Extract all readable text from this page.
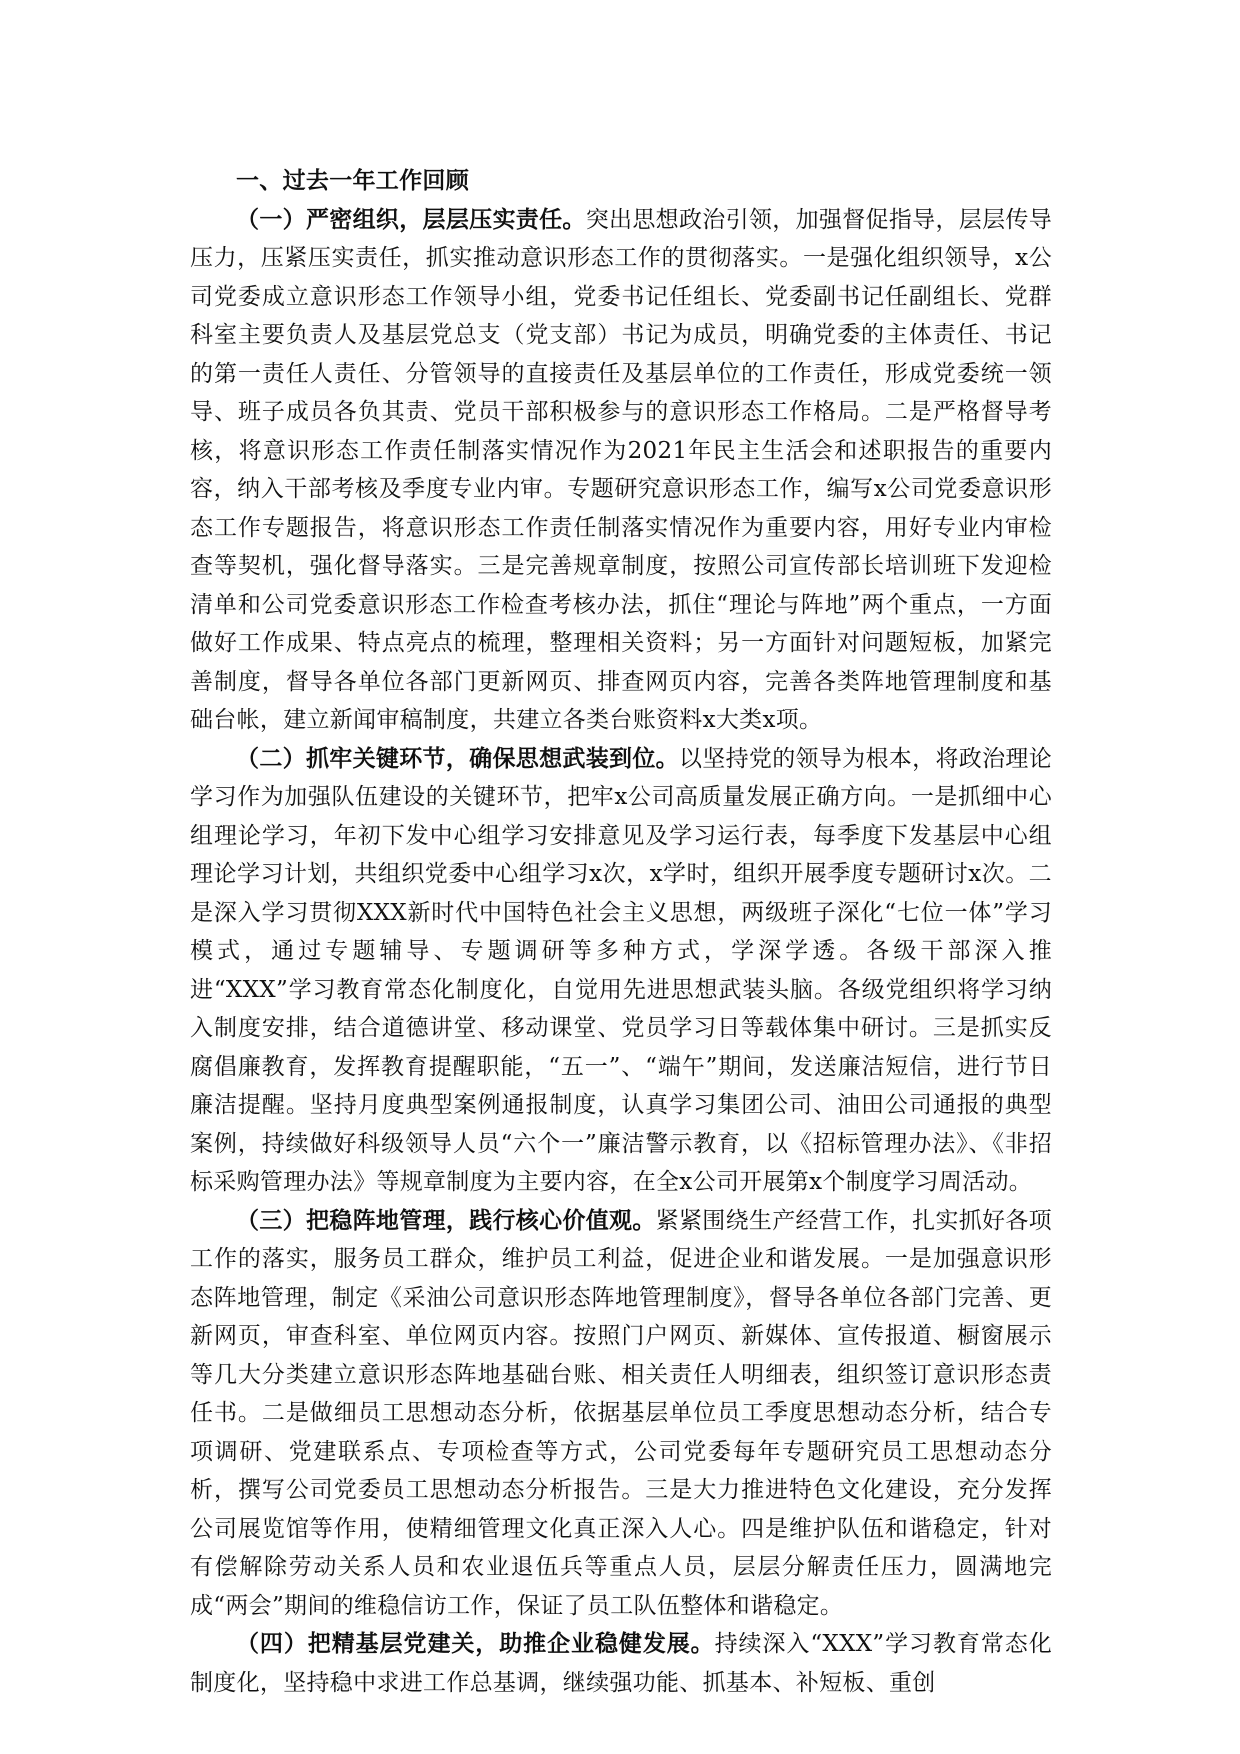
一、过去一年工作回顾

（一）严密组织，层层压实责任。突出思想政治引领，加强督促指导，层层传导压力，压紧压实责任，抓实推动意识形态工作的贯彻落实。一是强化组织领导，x公司党委成立意识形态工作领导小组，党委书记任组长、党委副书记任副组长、党群科室主要负责人及基层党总支（党支部）书记为成员，明确党委的主体责任、书记的第一责任人责任、分管领导的直接责任及基层单位的工作责任，形成党委统一领导、班子成员各负其责、党员干部积极参与的意识形态工作格局。二是严格督导考核，将意识形态工作责任制落实情况作为2021年民主生活会和述职报告的重要内容，纳入干部考核及季度专业内审。专题研究意识形态工作，编写x公司党委意识形态工作专题报告，将意识形态工作责任制落实情况作为重要内容，用好专业内审检查等契机，强化督导落实。三是完善规章制度，按照公司宣传部长培训班下发迎检清单和公司党委意识形态工作检查考核办法，抓住“理论与阵地”两个重点，一方面做好工作成果、特点亮点的梳理，整理相关资料；另一方面针对问题短板，加紧完善制度，督导各单位各部门更新网页、排查网页内容，完善各类阵地管理制度和基础台帐，建立新闻审稿制度，共建立各类台账资料x大类x项。

（二）抓牢关键环节，确保思想武装到位。以坚持党的领导为根本，将政治理论学习作为加强队伍建设的关键环节，把牢x公司高质量发展正确方向。一是抓细中心组理论学习，年初下发中心组学习安排意见及学习运行表，每季度下发基层中心组理论学习计划，共组织党委中心组学习x次，x学时，组织开展季度专题研讨x次。二是深入学习贯彻XXX新时代中国特色社会主义思想，两级班子深化“七位一体”学习模式，通过专题辅导、专题调研等多种方式，学深学透。各级干部深入推进“XXX”学习教育常态化制度化，自觉用先进思想武装头脑。各级党组织将学习纳入制度安排，结合道德讲堂、移动课堂、党员学习日等载体集中研讨。三是抓实反腐倡廉教育，发挥教育提醒职能，“五一”、“端午”期间，发送廉洁短信，进行节日廉洁提醒。坚持月度典型案例通报制度，认真学习集团公司、油田公司通报的典型案例，持续做好科级领导人员“六个一”廉洁警示教育，以《招标管理办法》、《非招标采购管理办法》等规章制度为主要内容，在全x公司开展第x个制度学习周活动。

（三）把稳阵地管理，践行核心价值观。紧紧围绕生产经营工作，扎实抓好各项工作的落实，服务员工群众，维护员工利益，促进企业和谐发展。一是加强意识形态阵地管理，制定《采油公司意识形态阵地管理制度》，督导各单位各部门完善、更新网页，审查科室、单位网页内容。按照门户网页、新媒体、宣传报道、橱窗展示等几大分类建立意识形态阵地基础台账、相关责任人明细表，组织签订意识形态责任书。二是做细员工思想动态分析，依据基层单位员工季度思想动态分析，结合专项调研、党建联系点、专项检查等方式，公司党委每年专题研究员工思想动态分析，撰写公司党委员工思想动态分析报告。三是大力推进特色文化建设，充分发挥公司展览馆等作用，使精细管理文化真正深入人心。四是维护队伍和谐稳定，针对有偿解除劳动关系人员和农业退伍兵等重点人员，层层分解责任压力，圆满地完成“两会”期间的维稳信访工作，保证了员工队伍整体和谐稳定。

（四）把精基层党建关，助推企业稳健发展。持续深入“XXX”学习教育常态化制度化，坚持稳中求进工作总基调，继续强功能、抓基本、补短板、重创
